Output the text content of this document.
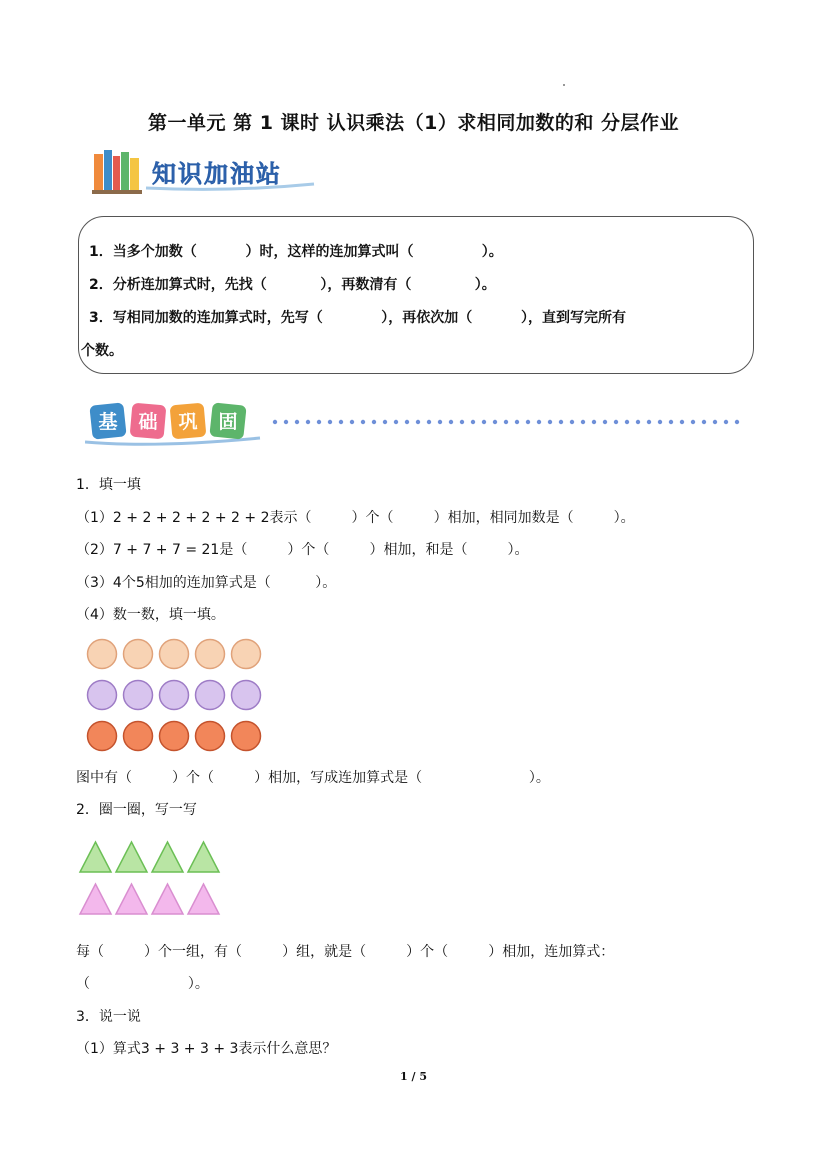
第一单元 第 1 课时 认识乘法（1）求相同加数的和 分层作业
知识加油站
1．当多个加数（          ）时，这样的连加算式叫（              ）。
2．分析连加算式时，先找（           ），再数清有（             ）。
3．写相同加数的连加算式时，先写（            ），再依次加（          ），直到写完所有
个数。
基	础	巩	固
1．填一填
（1）2 + 2 + 2 + 2 + 2 + 2表示（         ）个（         ）相加，相同加数是（         ）。
（2）7 + 7 + 7 = 21是（         ）个（         ）相加，和是（         ）。
（3）4个5相加的连加算式是（          ）。
（4）数一数，填一填。
图中有（         ）个（         ）相加，写成连加算式是（                        ）。
2．圈一圈，写一写
每（         ）个一组，有（         ）组，就是（         ）个（         ）相加，连加算式：
（                      ）。
3．说一说
（1）算式3 + 3 + 3 + 3表示什么意思？
1 / 5
